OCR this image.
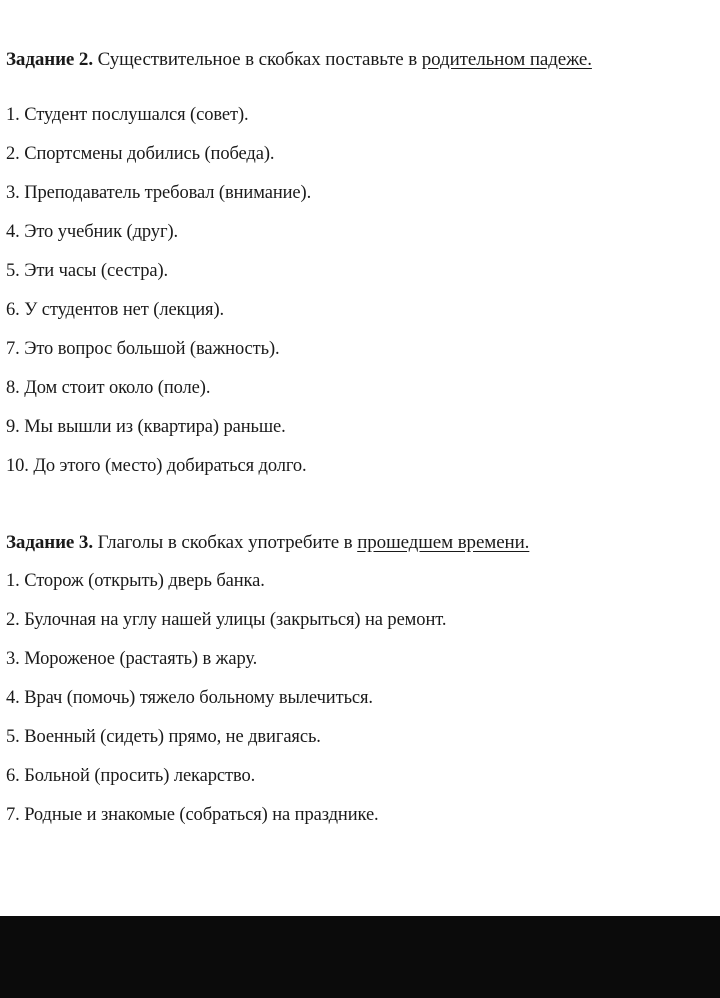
Задание 2. Существительное в скобках поставьте в родительном падеже.
1. Студент послушался (совет).
2. Спортсмены добились (победа).
3. Преподаватель требовал (внимание).
4. Это учебник (друг).
5. Эти часы (сестра).
6. У студентов нет (лекция).
7. Это вопрос большой (важность).
8. Дом стоит около (поле).
9. Мы вышли из (квартира) раньше.
10. До этого (место) добираться долго.
Задание 3. Глаголы в скобках употребите в прошедшем времени.
1. Сторож (открыть) дверь банка.
2. Булочная на углу нашей улицы (закрыться) на ремонт.
3. Мороженое (растаять) в жару.
4. Врач (помочь) тяжело больному вылечиться.
5. Военный (сидеть) прямо, не двигаясь.
6. Больной (просить) лекарство.
7. Родные и знакомые (собраться) на празднике.
